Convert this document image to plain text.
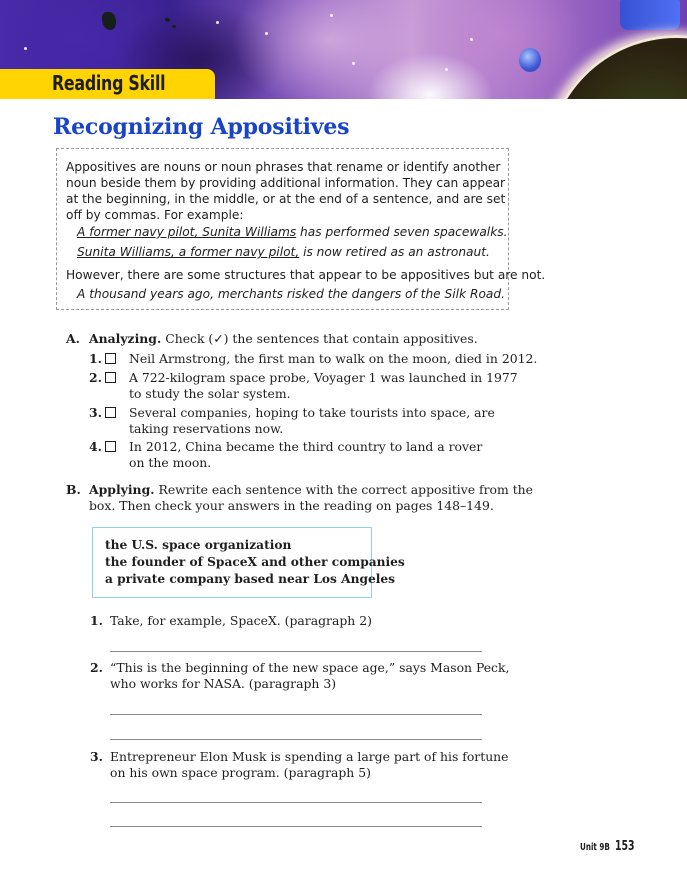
Reading Skill
Recognizing Appositives
Appositives are nouns or noun phrases that rename or identify another noun beside them by providing additional information. They can appear at the beginning, in the middle, or at the end of a sentence, and are set off by commas. For example:
A former navy pilot, Sunita Williams has performed seven spacewalks.
Sunita Williams, a former navy pilot, is now retired as an astronaut.
However, there are some structures that appear to be appositives but are not.
A thousand years ago, merchants risked the dangers of the Silk Road.
A. Analyzing. Check (✓) the sentences that contain appositives.
1. Neil Armstrong, the first man to walk on the moon, died in 2012.
2. A 722-kilogram space probe, Voyager 1 was launched in 1977
to study the solar system.
3. Several companies, hoping to take tourists into space, are
taking reservations now.
4. In 2012, China became the third country to land a rover
on the moon.
B. Applying. Rewrite each sentence with the correct appositive from the
box. Then check your answers in the reading on pages 148–149.
the U.S. space organization
the founder of SpaceX and other companies
a private company based near Los Angeles
1. Take, for example, SpaceX. (paragraph 2)
2. “This is the beginning of the new space age,” says Mason Peck,
who works for NASA. (paragraph 3)
3. Entrepreneur Elon Musk is spending a large part of his fortune
on his own space program. (paragraph 5)
Unit 9B 153
